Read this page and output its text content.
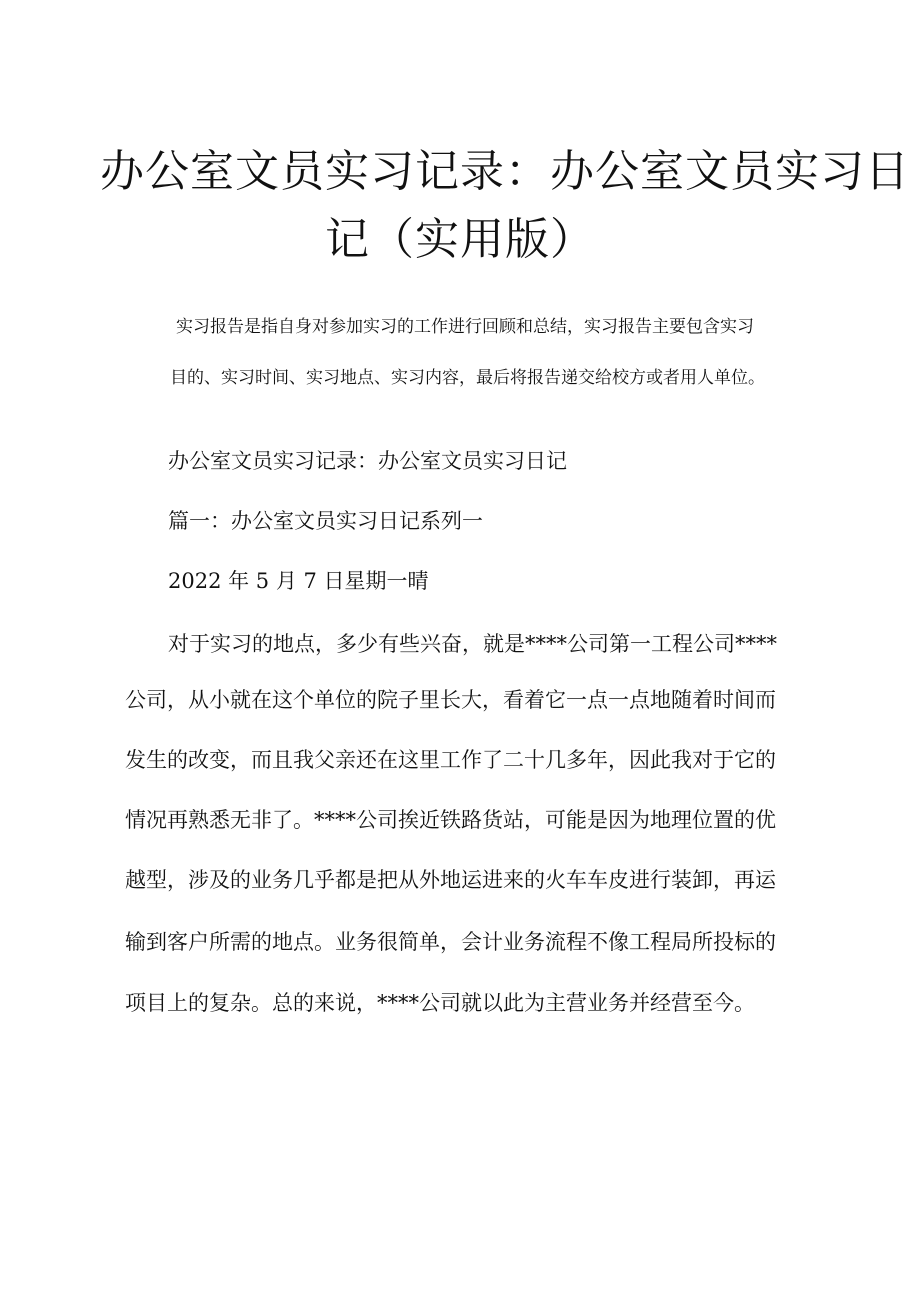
办公室文员实习记录：办公室文员实习日
记（实用版）
实习报告是指自身对参加实习的工作进行回顾和总结，实习报告主要包含实习
目的、实习时间、实习地点、实习内容，最后将报告递交给校方或者用人单位。
办公室文员实习记录：办公室文员实习日记
篇一：办公室文员实习日记系列一
2022 年 5 月 7 日星期一晴
对于实习的地点，多少有些兴奋，就是****公司第一工程公司****
公司，从小就在这个单位的院子里长大，看着它一点一点地随着时间而
发生的改变，而且我父亲还在这里工作了二十几多年，因此我对于它的
情况再熟悉无非了。****公司挨近铁路货站，可能是因为地理位置的优
越型，涉及的业务几乎都是把从外地运进来的火车车皮进行装卸，再运
输到客户所需的地点。业务很简单，会计业务流程不像工程局所投标的
项目上的复杂。总的来说，****公司就以此为主营业务并经营至今。
